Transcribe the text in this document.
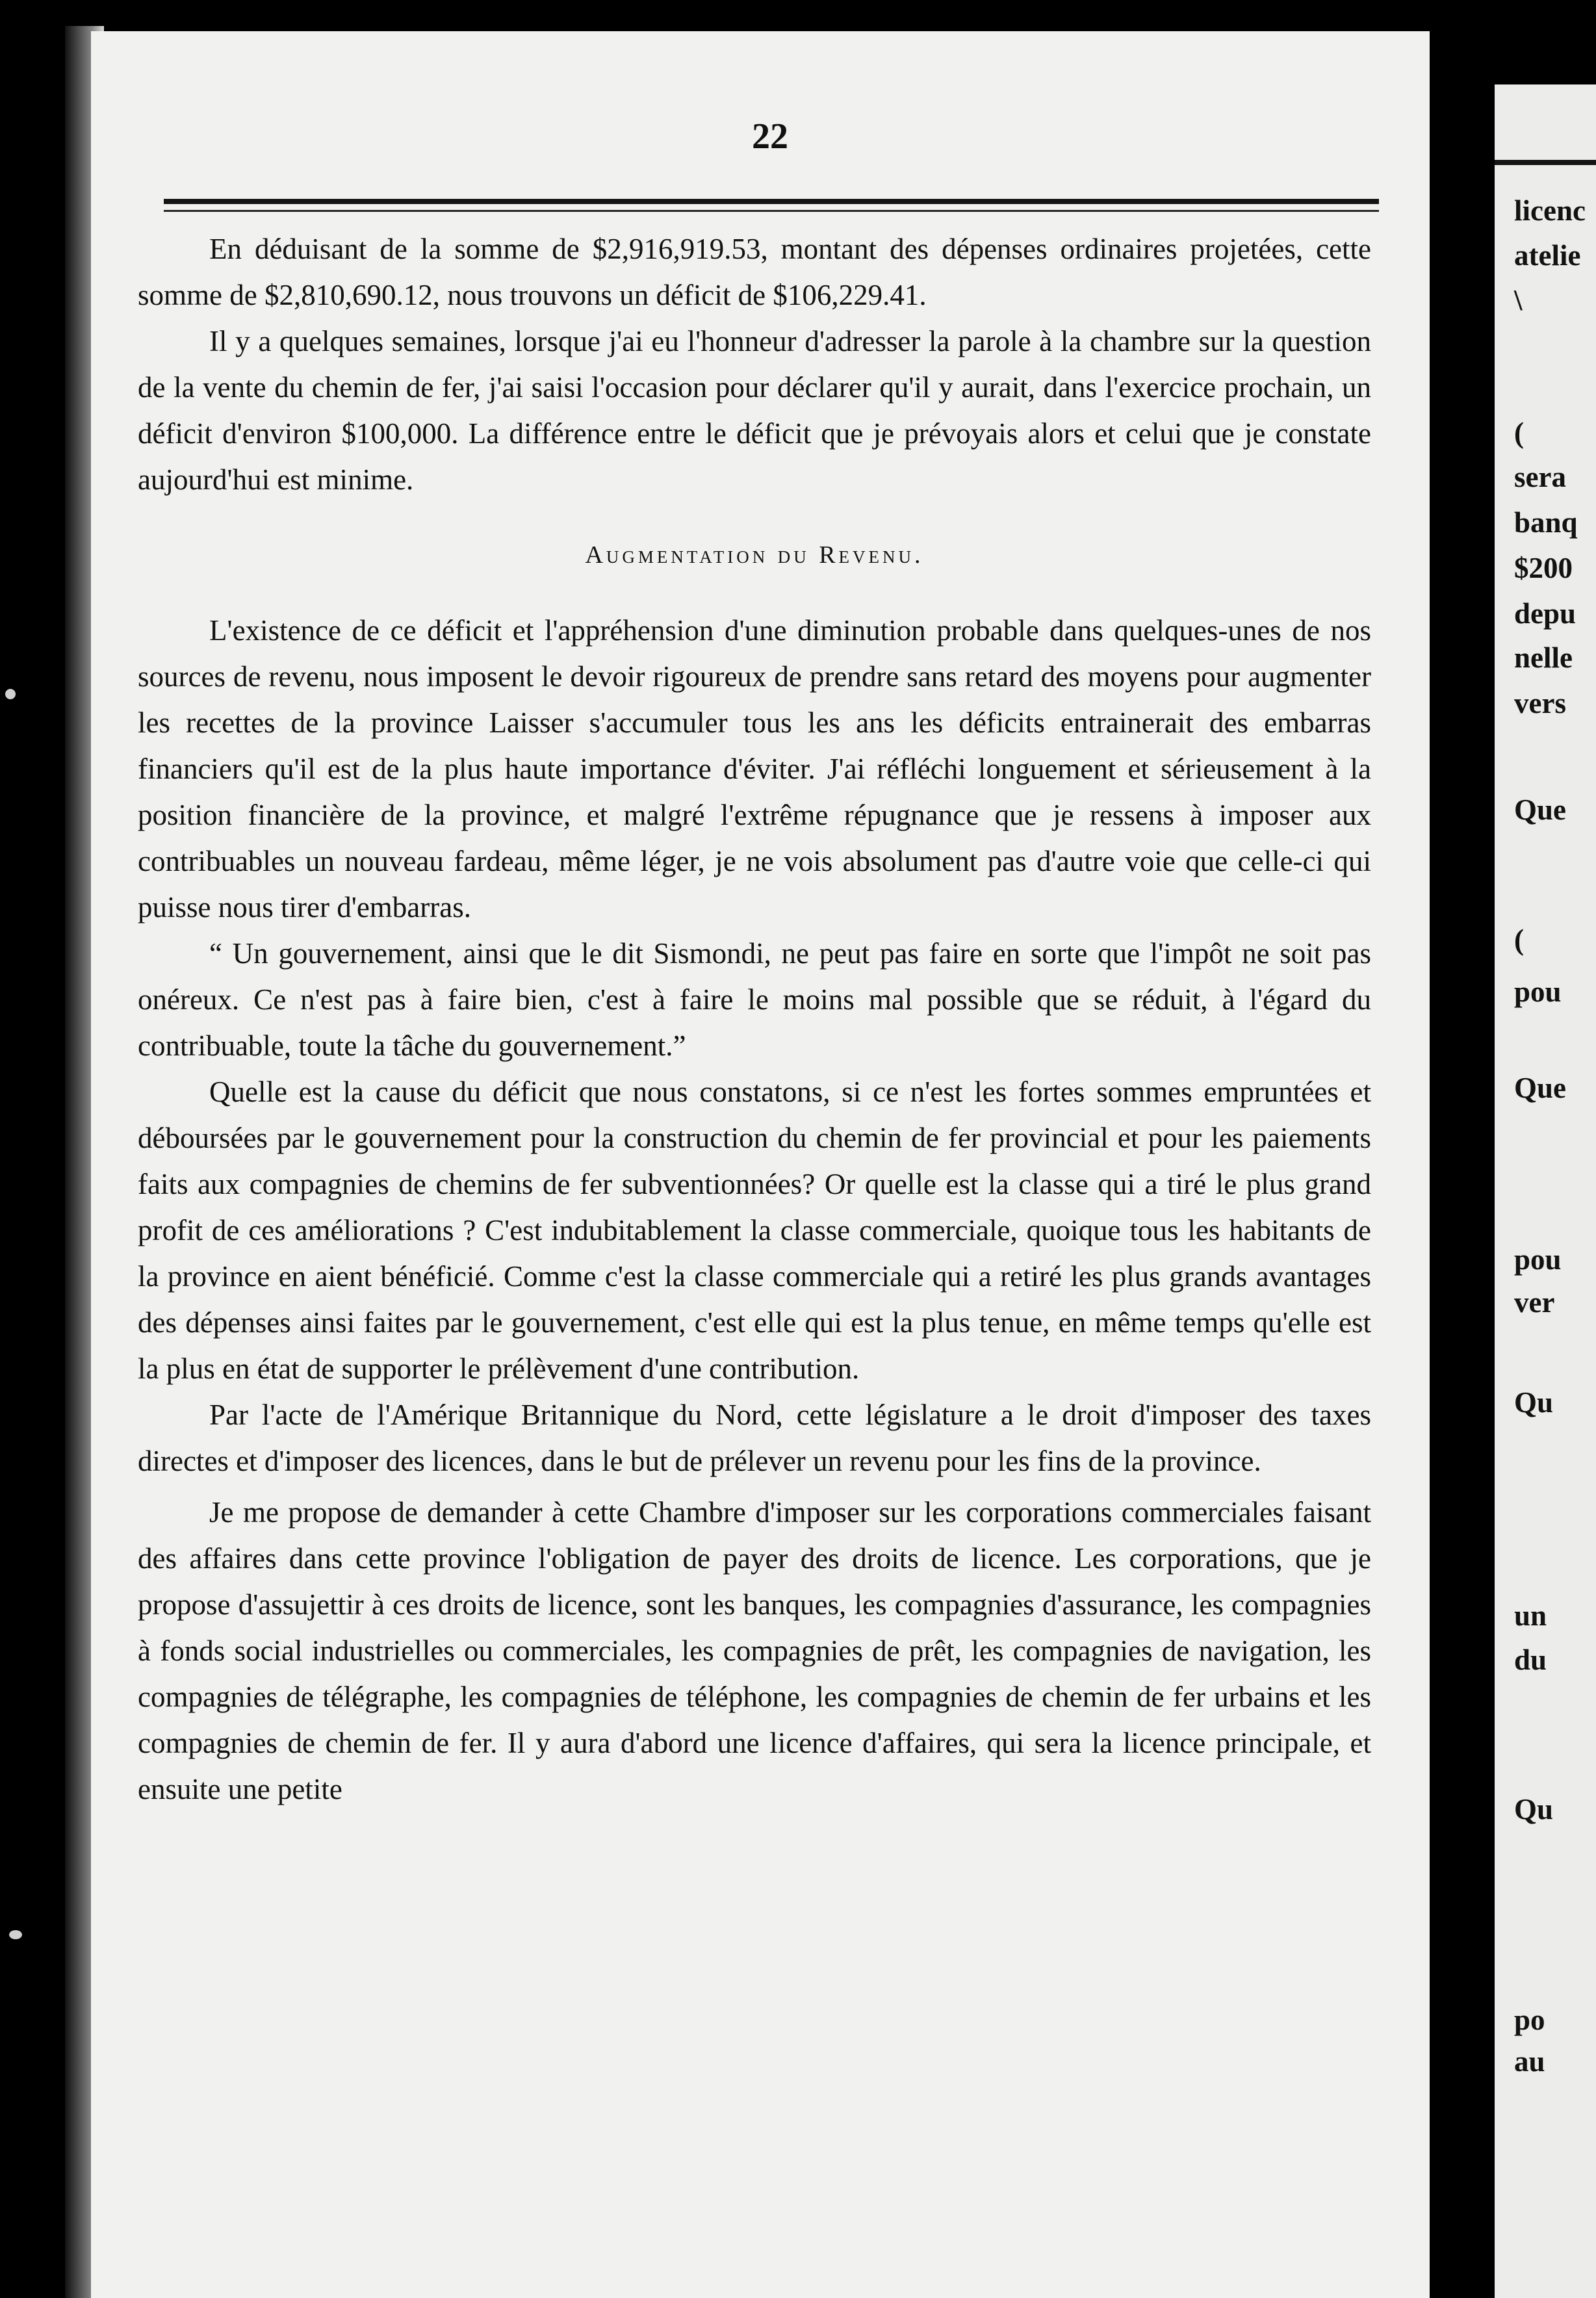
22

En déduisant de la somme de $2,916,919.53, montant des dépenses ordinaires projetées, cette somme de $2,810,690.12, nous trouvons un déficit de $106,229.41.

Il y a quelques semaines, lorsque j'ai eu l'honneur d'adresser la parole à la chambre sur la question de la vente du chemin de fer, j'ai saisi l'occasion pour déclarer qu'il y aurait, dans l'exercice prochain, un déficit d'environ $100,000. La différence entre le déficit que je prévoyais alors et celui que je constate aujourd'hui est minime.

Augmentation du Revenu.

L'existence de ce déficit et l'appréhension d'une diminution probable dans quelques-unes de nos sources de revenu, nous imposent le devoir rigoureux de prendre sans retard des moyens pour augmenter les recettes de la province Laisser s'accumuler tous les ans les déficits entrainerait des embarras financiers qu'il est de la plus haute importance d'éviter. J'ai réfléchi longuement et sérieusement à la position financière de la province, et malgré l'extrême répugnance que je ressens à imposer aux contribuables un nouveau fardeau, même léger, je ne vois absolument pas d'autre voie que celle-ci qui puisse nous tirer d'embarras.

“ Un gouvernement, ainsi que le dit Sismondi, ne peut pas faire en sorte que l'impôt ne soit pas onéreux. Ce n'est pas à faire bien, c'est à faire le moins mal possible que se réduit, à l'égard du contribuable, toute la tâche du gouvernement.”

Quelle est la cause du déficit que nous constatons, si ce n'est les fortes sommes empruntées et déboursées par le gouvernement pour la construction du chemin de fer provincial et pour les paiements faits aux compagnies de chemins de fer subventionnées? Or quelle est la classe qui a tiré le plus grand profit de ces améliorations ? C'est indubitablement la classe commerciale, quoique tous les habitants de la province en aient bénéficié. Comme c'est la classe commerciale qui a retiré les plus grands avantages des dépenses ainsi faites par le gouvernement, c'est elle qui est la plus tenue, en même temps qu'elle est la plus en état de supporter le prélèvement d'une contribution.

Par l'acte de l'Amérique Britannique du Nord, cette législature a le droit d'imposer des taxes directes et d'imposer des licences, dans le but de prélever un revenu pour les fins de la province.

Je me propose de demander à cette Chambre d'imposer sur les corporations commerciales faisant des affaires dans cette province l'obligation de payer des droits de licence. Les corporations, que je propose d'assujettir à ces droits de licence, sont les banques, les compagnies d'assurance, les compagnies à fonds social industrielles ou commerciales, les compagnies de prêt, les compagnies de navigation, les compagnies de télégraphe, les compagnies de téléphone, les compagnies de chemin de fer urbains et les compagnies de chemin de fer. Il y aura d'abord une licence d'affaires, qui sera la licence principale, et ensuite une petite

licenc
atelie
\
(
sera
banq
$200
depu
nelle
vers
Que
(
pou
Que
pou
ver
Qu
un
du
Qu
po
au
